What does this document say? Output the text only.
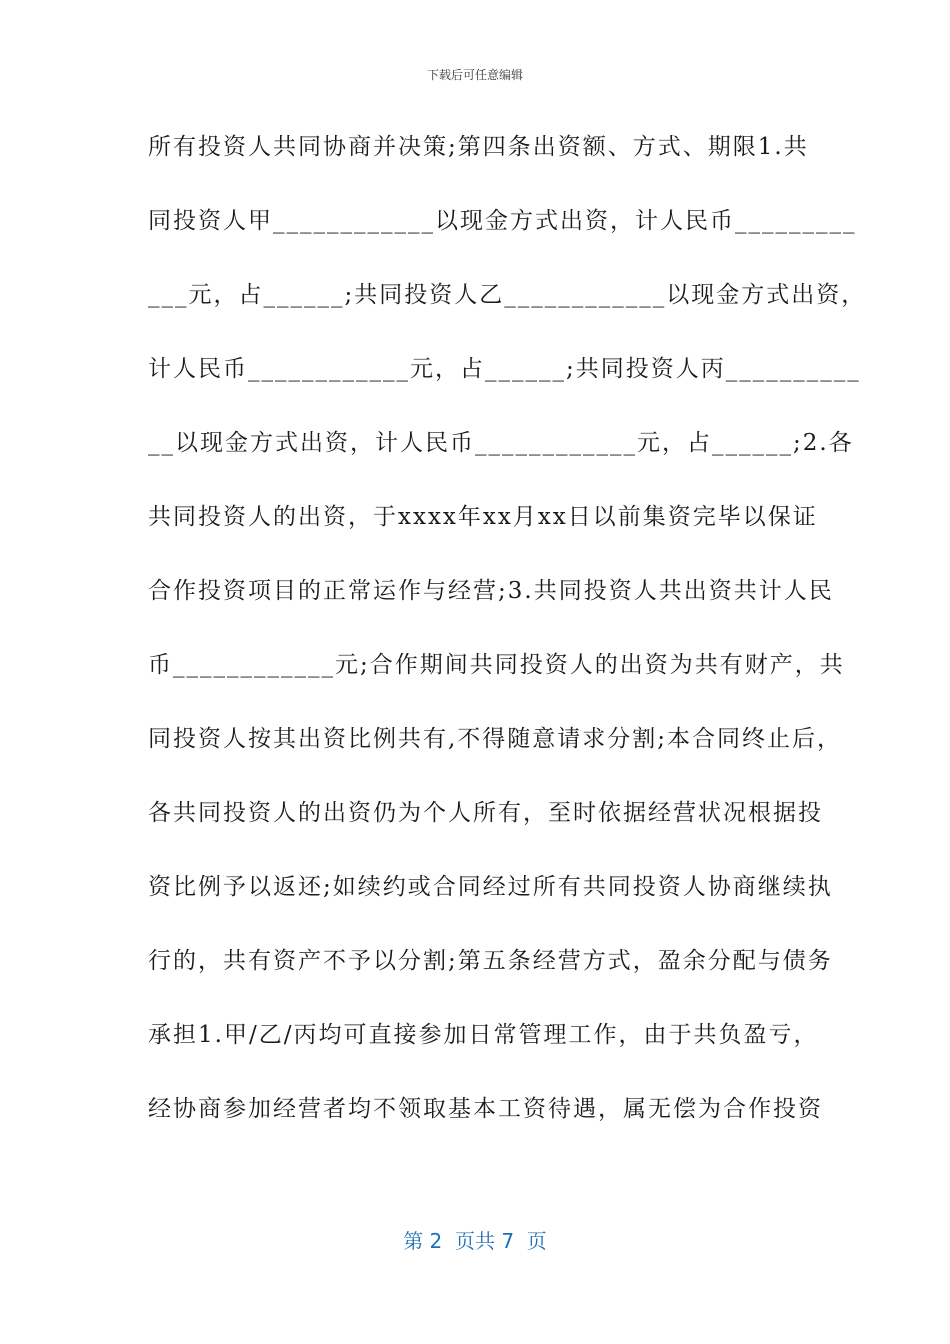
下载后可任意编辑
所有投资人共同协商并决策;第四条出资额、方式、期限1.共
同投资人甲____________以现金方式出资，计人民币_________
___元，占______;共同投资人乙____________以现金方式出资，
计人民币____________元，占______;共同投资人丙__________
__以现金方式出资，计人民币____________元，占______;2.各
共同投资人的出资，于xxxx年xx月xx日以前集资完毕以保证
合作投资项目的正常运作与经营;3.共同投资人共出资共计人民
币____________元;合作期间共同投资人的出资为共有财产，共
同投资人按其出资比例共有,不得随意请求分割;本合同终止后，
各共同投资人的出资仍为个人所有，至时依据经营状况根据投
资比例予以返还;如续约或合同经过所有共同投资人协商继续执
行的，共有资产不予以分割;第五条经营方式，盈余分配与债务
承担1.甲/乙/丙均可直接参加日常管理工作，由于共负盈亏，
经协商参加经营者均不领取基本工资待遇，属无偿为合作投资
第 2  页共 7  页
